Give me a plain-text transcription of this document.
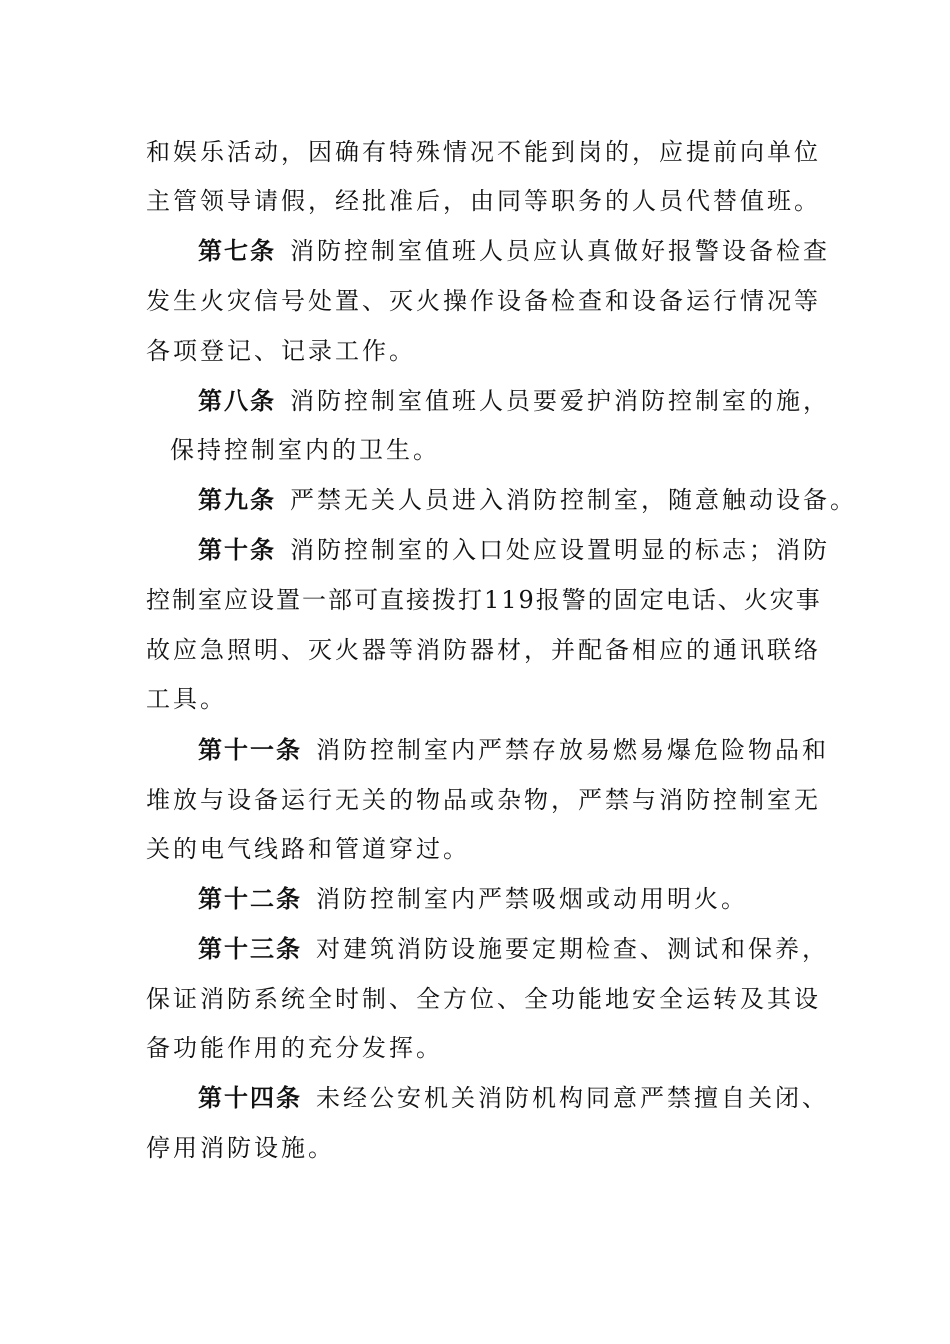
和娱乐活动，因确有特殊情况不能到岗的，应提前向单位
主管领导请假，经批准后，由同等职务的人员代替值班。
第七条 消防控制室值班人员应认真做好报警设备检查
发生火灾信号处置、灭火操作设备检查和设备运行情况等
各项登记、记录工作。
第八条 消防控制室值班人员要爱护消防控制室的施，
保持控制室内的卫生。
第九条 严禁无关人员进入消防控制室，随意触动设备。
第十条 消防控制室的入口处应设置明显的标志；消防
控制室应设置一部可直接拨打119报警的固定电话、火灾事
故应急照明、灭火器等消防器材，并配备相应的通讯联络
工具。
第十一条 消防控制室内严禁存放易燃易爆危险物品和
堆放与设备运行无关的物品或杂物，严禁与消防控制室无
关的电气线路和管道穿过。
第十二条 消防控制室内严禁吸烟或动用明火。
第十三条 对建筑消防设施要定期检查、测试和保养，
保证消防系统全时制、全方位、全功能地安全运转及其设
备功能作用的充分发挥。
第十四条 未经公安机关消防机构同意严禁擅自关闭、
停用消防设施。
